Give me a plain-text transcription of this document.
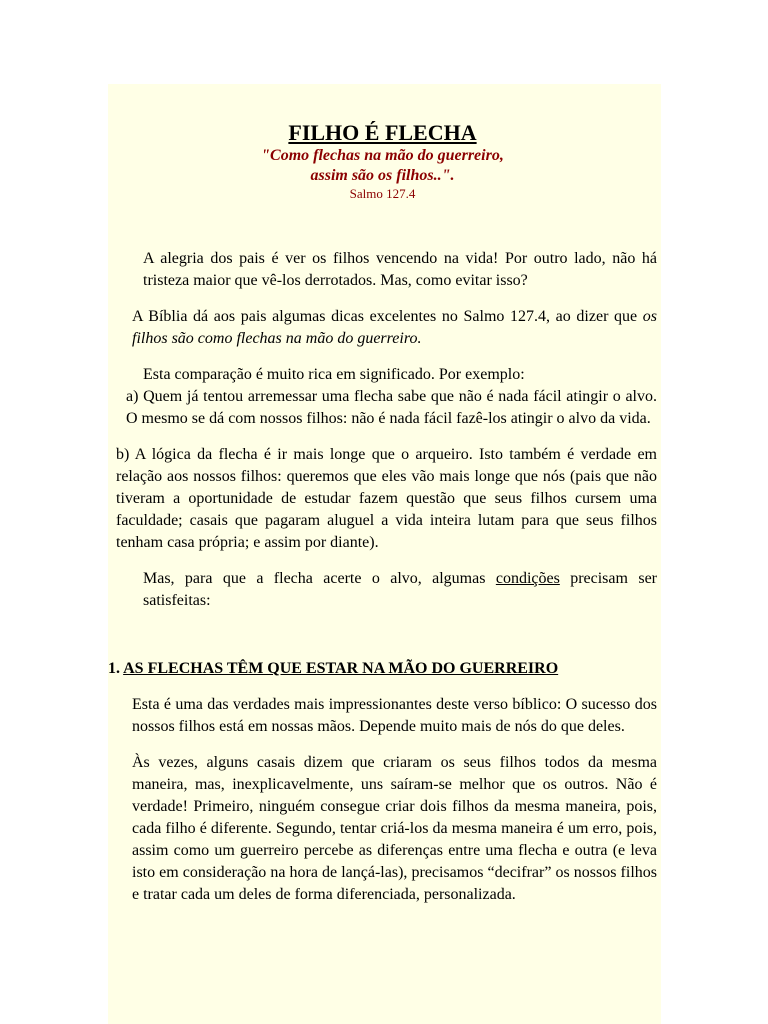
FILHO É FLECHA
"Como flechas na mão do guerreiro,
assim são os filhos..".
Salmo 127.4

A alegria dos pais é ver os filhos vencendo na vida! Por outro lado, não há tristeza maior que vê-los derrotados. Mas, como evitar isso?

A Bíblia dá aos pais algumas dicas excelentes no Salmo 127.4, ao dizer que os filhos são como flechas na mão do guerreiro.

Esta comparação é muito rica em significado. Por exemplo:
a) Quem já tentou arremessar uma flecha sabe que não é nada fácil atingir o alvo. O mesmo se dá com nossos filhos: não é nada fácil fazê-los atingir o alvo da vida.

b) A lógica da flecha é ir mais longe que o arqueiro. Isto também é verdade em relação aos nossos filhos: queremos que eles vão mais longe que nós (pais que não tiveram a oportunidade de estudar fazem questão que seus filhos cursem uma faculdade; casais que pagaram aluguel a vida inteira lutam para que seus filhos tenham casa própria; e assim por diante).

Mas, para que a flecha acerte o alvo, algumas condições precisam ser satisfeitas:

1. AS FLECHAS TÊM QUE ESTAR NA MÃO DO GUERREIRO

Esta é uma das verdades mais impressionantes deste verso bíblico: O sucesso dos nossos filhos está em nossas mãos. Depende muito mais de nós do que deles.

Às vezes, alguns casais dizem que criaram os seus filhos todos da mesma maneira, mas, inexplicavelmente, uns saíram-se melhor que os outros. Não é verdade! Primeiro, ninguém consegue criar dois filhos da mesma maneira, pois, cada filho é diferente. Segundo, tentar criá-los da mesma maneira é um erro, pois, assim como um guerreiro percebe as diferenças entre uma flecha e outra (e leva isto em consideração na hora de lançá-las), precisamos “decifrar” os nossos filhos e tratar cada um deles de forma diferenciada, personalizada.
